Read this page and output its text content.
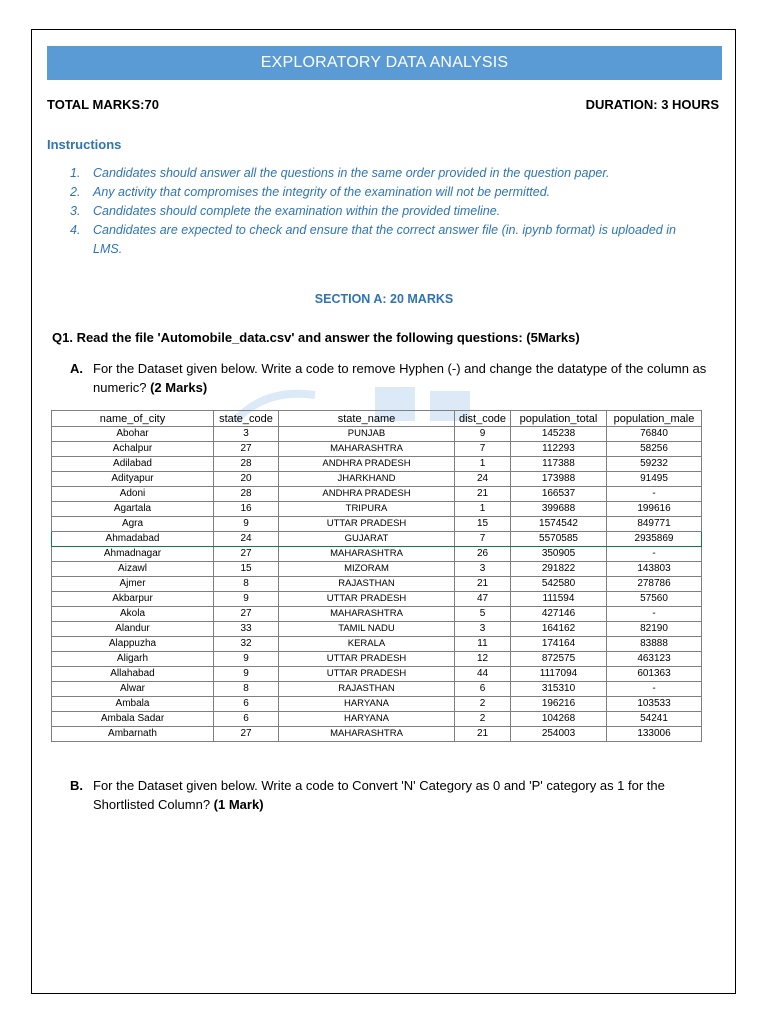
EXPLORATORY DATA ANALYSIS
TOTAL MARKS:70	DURATION: 3 HOURS
Instructions
1. Candidates should answer all the questions in the same order provided in the question paper.
2. Any activity that compromises the integrity of the examination will not be permitted.
3. Candidates should complete the examination within the provided timeline.
4. Candidates are expected to check and ensure that the correct answer file (in. ipynb format) is uploaded in LMS.
SECTION A: 20 MARKS
Q1. Read the file 'Automobile_data.csv' and answer the following questions: (5Marks)
A. For the Dataset given below. Write a code to remove Hyphen (-) and change the datatype of the column as numeric? (2 Marks)
name_of_city	state_code	state_name	dist_code	population_total	population_male
Abohar	3	PUNJAB	9	145238	76840
Achalpur	27	MAHARASHTRA	7	112293	58256
Adilabad	28	ANDHRA PRADESH	1	117388	59232
Adityapur	20	JHARKHAND	24	173988	91495
Adoni	28	ANDHRA PRADESH	21	166537	-
Agartala	16	TRIPURA	1	399688	199616
Agra	9	UTTAR PRADESH	15	1574542	849771
Ahmadabad	24	GUJARAT	7	5570585	2935869
Ahmadnagar	27	MAHARASHTRA	26	350905	-
Aizawl	15	MIZORAM	3	291822	143803
Ajmer	8	RAJASTHAN	21	542580	278786
Akbarpur	9	UTTAR PRADESH	47	111594	57560
Akola	27	MAHARASHTRA	5	427146	-
Alandur	33	TAMIL NADU	3	164162	82190
Alappuzha	32	KERALA	11	174164	83888
Aligarh	9	UTTAR PRADESH	12	872575	463123
Allahabad	9	UTTAR PRADESH	44	1117094	601363
Alwar	8	RAJASTHAN	6	315310	-
Ambala	6	HARYANA	2	196216	103533
Ambala Sadar	6	HARYANA	2	104268	54241
Ambarnath	27	MAHARASHTRA	21	254003	133006
B. For the Dataset given below. Write a code to Convert 'N' Category as 0 and 'P' category as 1 for the Shortlisted Column? (1 Mark)
